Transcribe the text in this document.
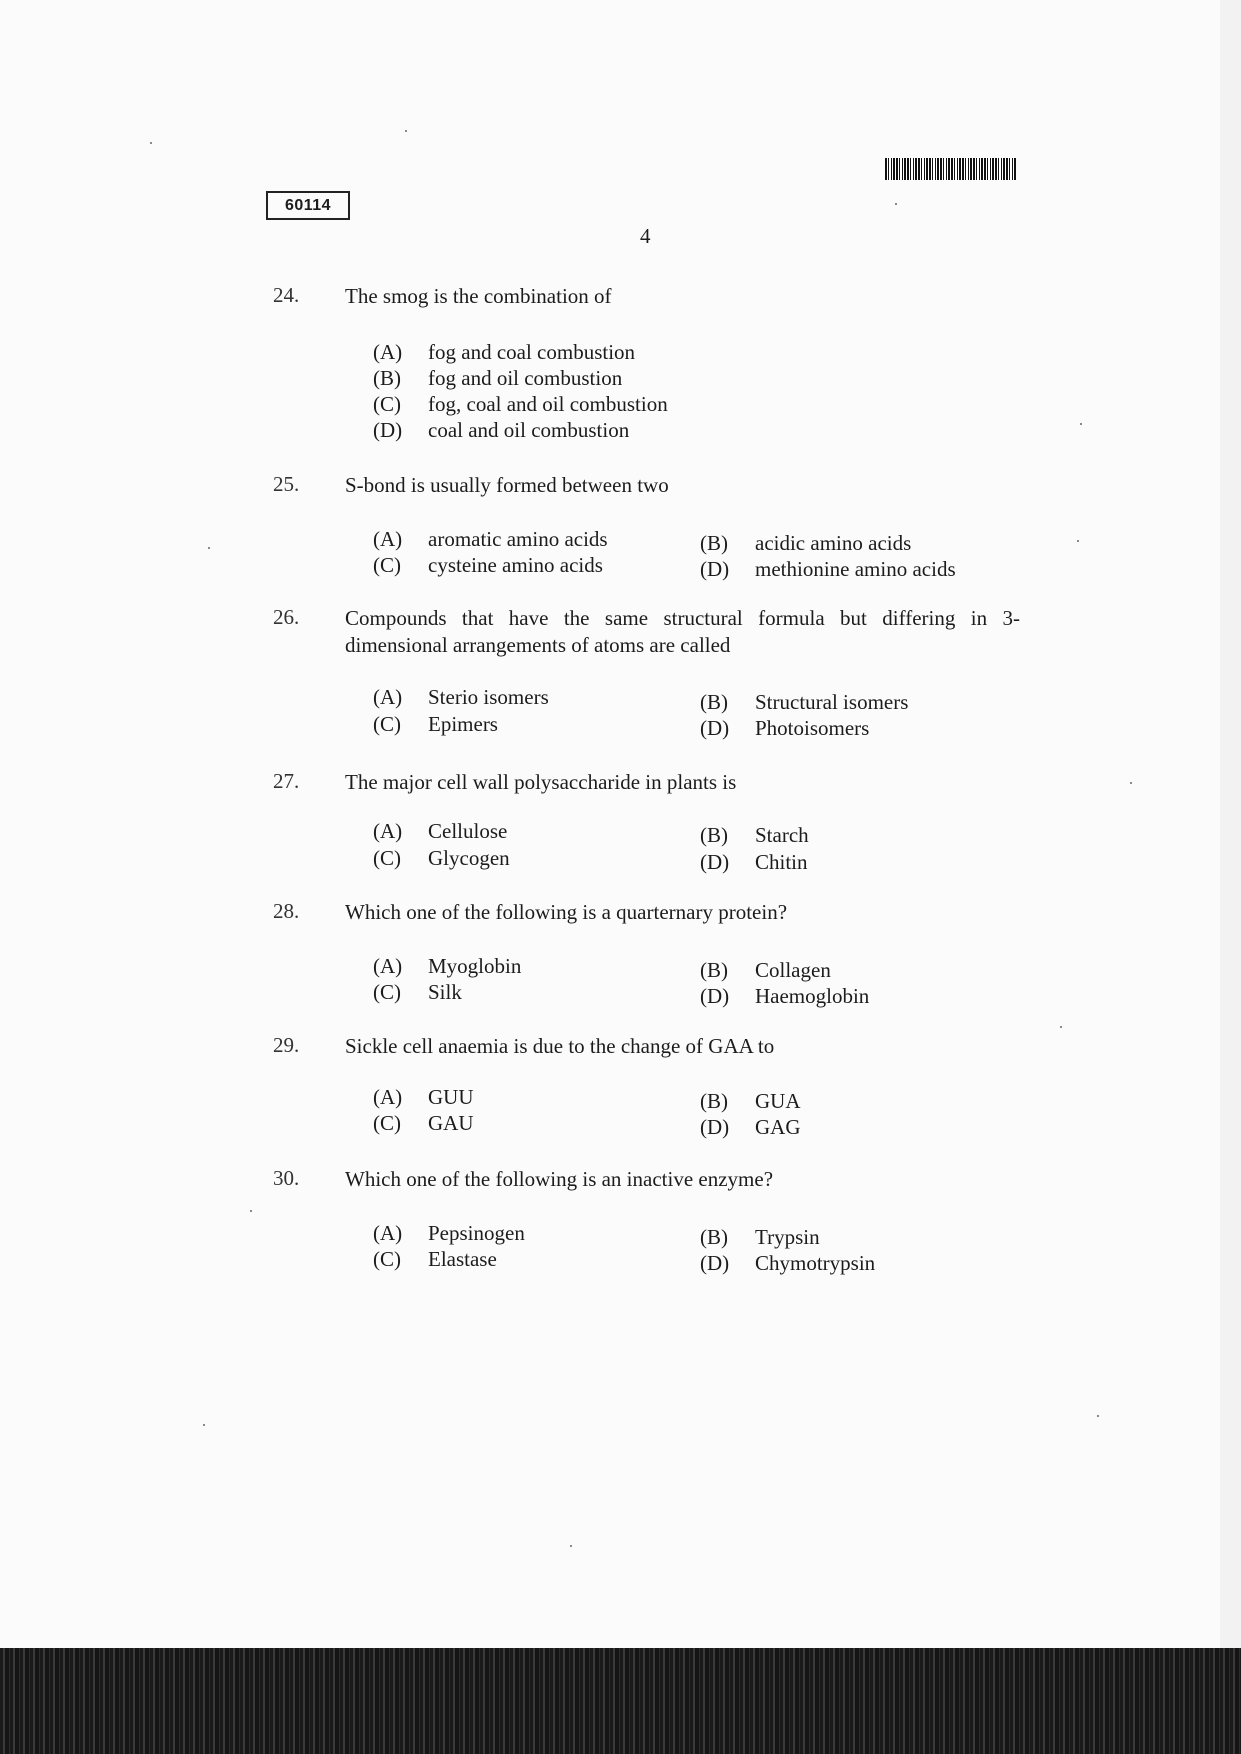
60114
4
24. The smog is the combination of
(A) fog and coal combustion
(B) fog and oil combustion
(C) fog, coal and oil combustion
(D) coal and oil combustion
25. S-bond is usually formed between two
(A) aromatic amino acids	(B) acidic amino acids
(C) cysteine amino acids	(D) methionine amino acids
26. Compounds that have the same structural formula but differing in 3-dimensional arrangements of atoms are called
(A) Sterio isomers	(B) Structural isomers
(C) Epimers	(D) Photoisomers
27. The major cell wall polysaccharide in plants is
(A) Cellulose	(B) Starch
(C) Glycogen	(D) Chitin
28. Which one of the following is a quarternary protein?
(A) Myoglobin	(B) Collagen
(C) Silk	(D) Haemoglobin
29. Sickle cell anaemia is due to the change of GAA to
(A) GUU	(B) GUA
(C) GAU	(D) GAG
30. Which one of the following is an inactive enzyme?
(A) Pepsinogen	(B) Trypsin
(C) Elastase	(D) Chymotrypsin
